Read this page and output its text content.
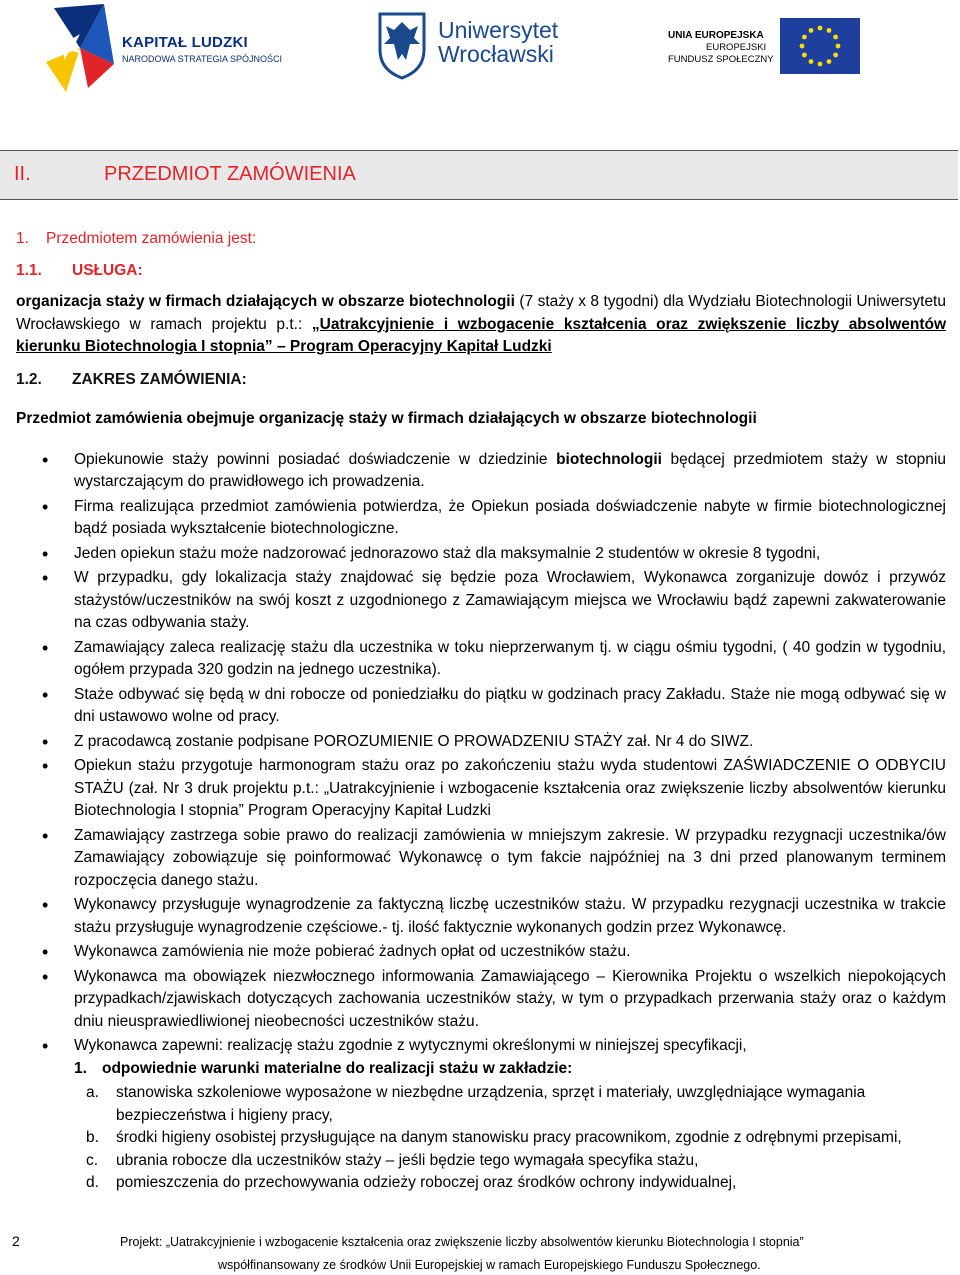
KAPITAŁ LUDZKI
NARODOWA STRATEGIA SPÓJNOŚCI
Uniwersytet
Wrocławski
UNIA EUROPEJSKA
EUROPEJSKI
FUNDUSZ SPOŁECZNY
II.	PRZEDMIOT ZAMÓWIENIA
1. Przedmiotem zamówienia jest:
1.1. USŁUGA:
organizacja staży w firmach działających w obszarze biotechnologii (7 staży x 8 tygodni) dla Wydziału Biotechnologii Uniwersytetu Wrocławskiego w ramach projektu p.t.: „Uatrakcyjnienie i wzbogacenie kształcenia oraz zwiększenie liczby absolwentów kierunku Biotechnologia I stopnia” – Program Operacyjny Kapitał Ludzki
1.2. ZAKRES ZAMÓWIENIA:
Przedmiot zamówienia obejmuje organizację staży w firmach działających w obszarze biotechnologii
• Opiekunowie staży powinni posiadać doświadczenie w dziedzinie biotechnologii będącej przedmiotem staży w stopniu wystarczającym do prawidłowego ich prowadzenia.
• Firma realizująca przedmiot zamówienia potwierdza, że Opiekun posiada doświadczenie nabyte w firmie biotechnologicznej bądź posiada wykształcenie biotechnologiczne.
• Jeden opiekun stażu może nadzorować jednorazowo staż dla maksymalnie 2 studentów w okresie 8 tygodni,
• W przypadku, gdy lokalizacja staży znajdować się będzie poza Wrocławiem, Wykonawca zorganizuje dowóz i przywóz stażystów/uczestników na swój koszt z uzgodnionego z Zamawiającym miejsca we Wrocławiu bądź zapewni zakwaterowanie na czas odbywania staży.
• Zamawiający zaleca realizację stażu dla uczestnika w toku nieprzerwanym tj. w ciągu ośmiu tygodni, ( 40 godzin w tygodniu, ogółem przypada 320 godzin na jednego uczestnika).
• Staże odbywać się będą w dni robocze od poniedziałku do piątku w godzinach pracy Zakładu. Staże nie mogą odbywać się w dni ustawowo wolne od pracy.
• Z pracodawcą zostanie podpisane POROZUMIENIE O PROWADZENIU STAŻY zał. Nr 4 do SIWZ.
• Opiekun stażu przygotuje harmonogram stażu oraz po zakończeniu stażu wyda studentowi ZAŚWIADCZENIE O ODBYCIU STAŻU (zał. Nr 3 druk projektu p.t.: „Uatrakcyjnienie i wzbogacenie kształcenia oraz zwiększenie liczby absolwentów kierunku Biotechnologia I stopnia” Program Operacyjny Kapitał Ludzki
• Zamawiający zastrzega sobie prawo do realizacji zamówienia w mniejszym zakresie. W przypadku rezygnacji uczestnika/ów Zamawiający zobowiązuje się poinformować Wykonawcę o tym fakcie najpóźniej na 3 dni przed planowanym terminem rozpoczęcia danego stażu.
• Wykonawcy przysługuje wynagrodzenie za faktyczną liczbę uczestników stażu. W przypadku rezygnacji uczestnika w trakcie stażu przysługuje wynagrodzenie częściowe.- tj. ilość faktycznie wykonanych godzin przez Wykonawcę.
• Wykonawca zamówienia nie może pobierać żadnych opłat od uczestników stażu.
• Wykonawca ma obowiązek niezwłocznego informowania Zamawiającego – Kierownika Projektu o wszelkich niepokojących przypadkach/zjawiskach dotyczących zachowania uczestników staży, w tym o przypadkach przerwania staży oraz o każdym dniu nieusprawiedliwionej nieobecności uczestników stażu.
• Wykonawca zapewni: realizację stażu zgodnie z wytycznymi określonymi w niniejszej specyfikacji,
1. odpowiednie warunki materialne do realizacji stażu w zakładzie:
a. stanowiska szkoleniowe wyposażone w niezbędne urządzenia, sprzęt i materiały, uwzględniające wymagania bezpieczeństwa i higieny pracy,
b. środki higieny osobistej przysługujące na danym stanowisku pracy pracownikom, zgodnie z odrębnymi przepisami,
c. ubrania robocze dla uczestników staży – jeśli będzie tego wymagała specyfika stażu,
d. pomieszczenia do przechowywania odzieży roboczej oraz środków ochrony indywidualnej,
2	Projekt: „Uatrakcyjnienie i wzbogacenie kształcenia oraz zwiększenie liczby absolwentów kierunku Biotechnologia I stopnia”
współfinansowany ze środków Unii Europejskiej w ramach Europejskiego Funduszu Społecznego.
